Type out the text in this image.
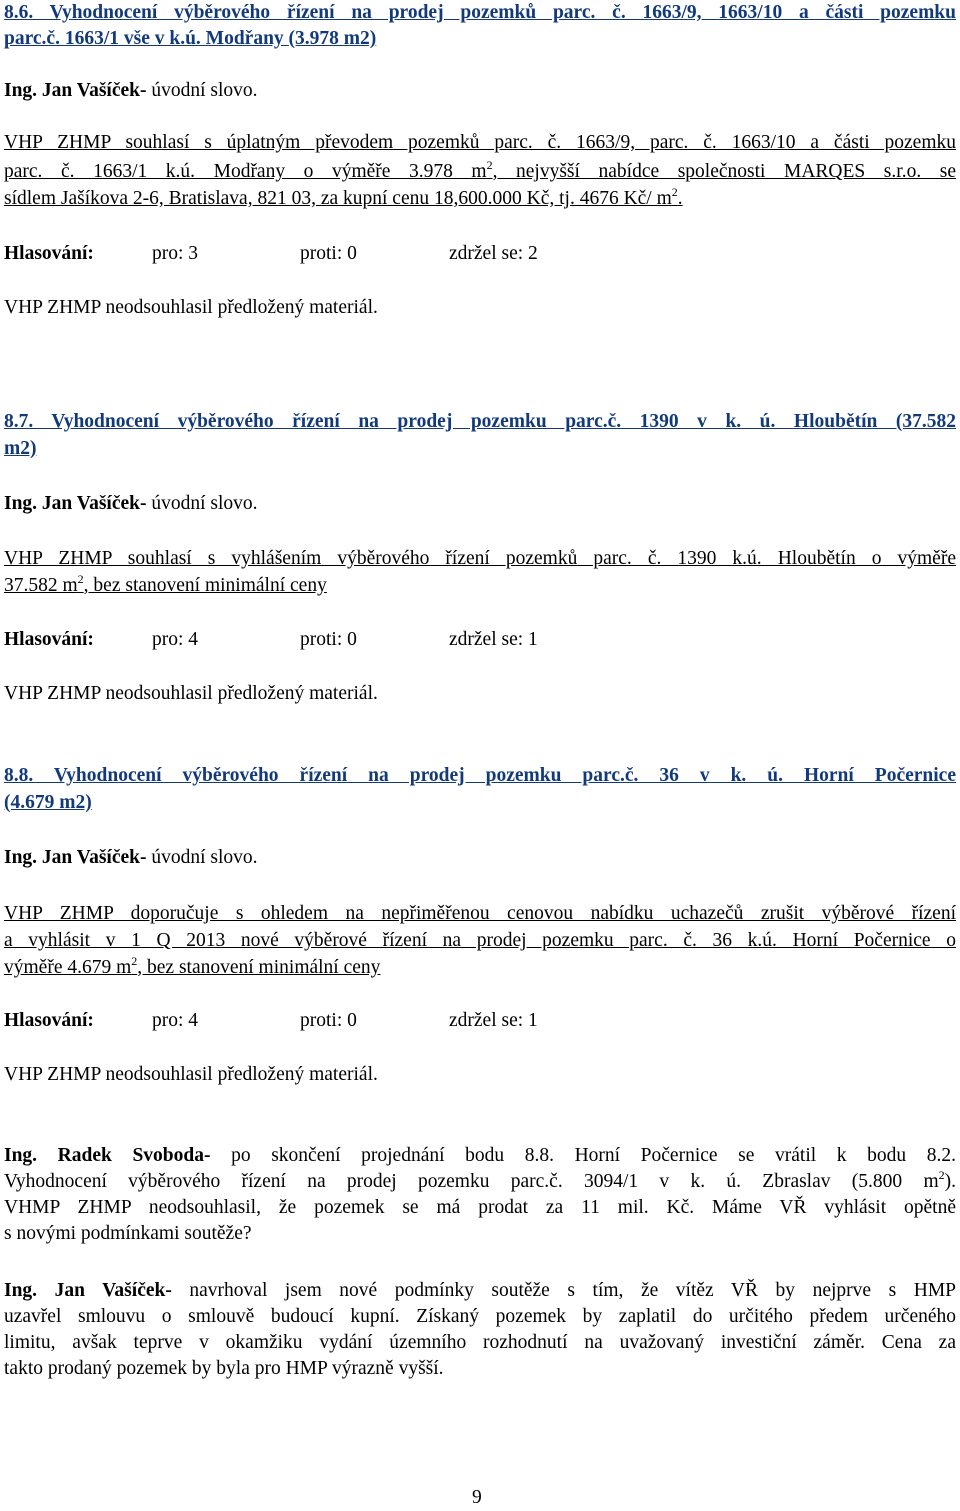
8.6. Vyhodnocení výběrového řízení na prodej pozemků parc. č. 1663/9, 1663/10 a části pozemku
parc.č. 1663/1 vše v k.ú. Modřany (3.978 m2)
Ing. Jan Vašíček- úvodní slovo.
VHP ZHMP souhlasí s úplatným převodem pozemků parc. č. 1663/9, parc. č. 1663/10 a části pozemku
parc. č. 1663/1 k.ú. Modřany o výměře 3.978 $m^2$, nejvyšší nabídce společnosti MARQES s.r.o. se
sídlem Jašíkova 2-6, Bratislava, 821 03, za kupní cenu 18,600.000 Kč, tj. 4676 Kč/ $m^2$.
Hlasování:	pro: 3	proti: 0	zdržel se: 2
VHP ZHMP neodsouhlasil předložený materiál.
8.7. Vyhodnocení výběrového řízení na prodej pozemku parc.č. 1390 v k. ú. Hloubětín (37.582
m2)
Ing. Jan Vašíček- úvodní slovo.
VHP ZHMP souhlasí s vyhlášením výběrového řízení pozemků parc. č. 1390 k.ú. Hloubětín o výměře
37.582 $m^2$, bez stanovení minimální ceny
Hlasování:	pro: 4	proti: 0	zdržel se: 1
VHP ZHMP neodsouhlasil předložený materiál.
8.8. Vyhodnocení výběrového řízení na prodej pozemku parc.č. 36 v k. ú. Horní Počernice
(4.679 m2)
Ing. Jan Vašíček- úvodní slovo.
VHP ZHMP doporučuje s ohledem na nepřiměřenou cenovou nabídku uchazečů zrušit výběrové řízení
a vyhlásit v 1 Q 2013 nové výběrové řízení na prodej pozemku parc. č. 36 k.ú. Horní Počernice o
výměře 4.679 $m^2$, bez stanovení minimální ceny
Hlasování:	pro: 4	proti: 0	zdržel se: 1
VHP ZHMP neodsouhlasil předložený materiál.
Ing. Radek Svoboda- po skončení projednání bodu 8.8. Horní Počernice se vrátil k bodu 8.2.
Vyhodnocení výběrového řízení na prodej pozemku parc.č. 3094/1 v k. ú. Zbraslav (5.800 $m^2$).
VHMP ZHMP neodsouhlasil, že pozemek se má prodat za 11 mil. Kč. Máme VŘ vyhlásit opětně
s novými podmínkami soutěže?
Ing. Jan Vašíček- navrhoval jsem nové podmínky soutěže s tím, že vítěz VŘ by nejprve s HMP
uzavřel smlouvu o smlouvě budoucí kupní. Získaný pozemek by zaplatil do určitého předem určeného
limitu, avšak teprve v okamžiku vydání územního rozhodnutí na uvažovaný investiční záměr. Cena za
takto prodaný pozemek by byla pro HMP výrazně vyšší.
9
